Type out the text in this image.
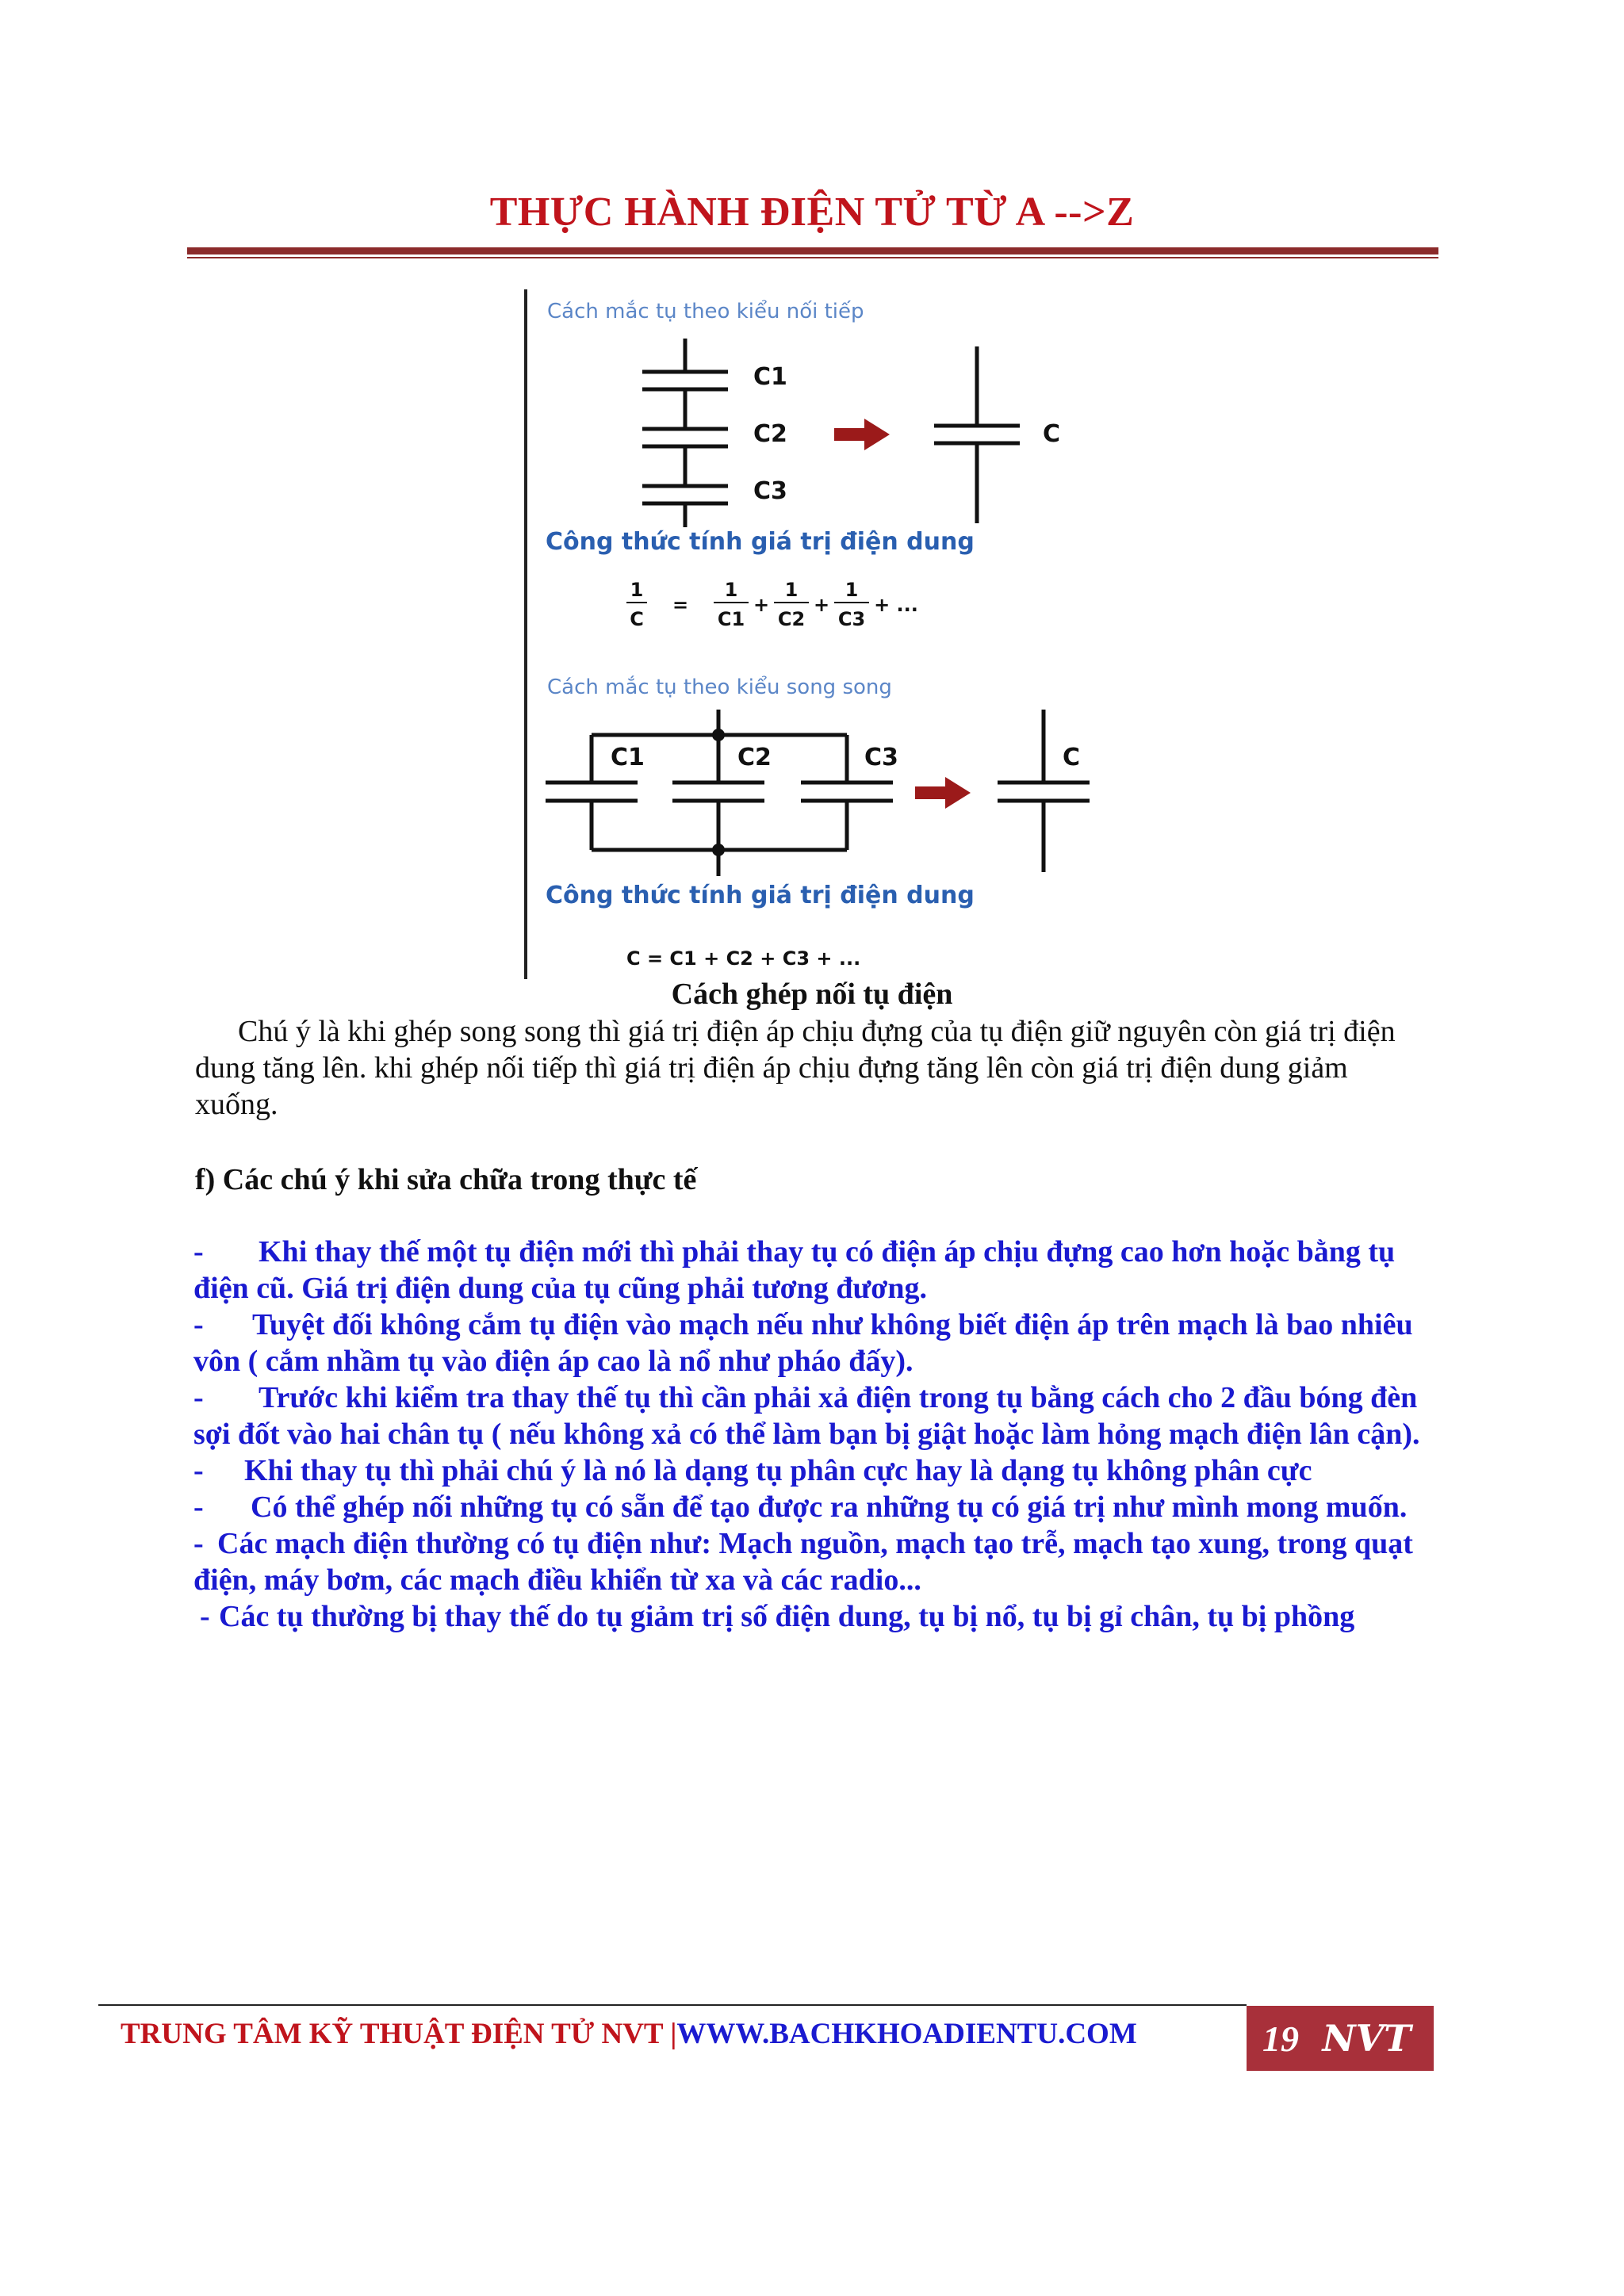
THỰC HÀNH ĐIỆN TỬ TỪ A -->Z
Cách mắc tụ theo kiểu nối tiếp
C1
C2
C3
C
Công thức tính giá trị điện dung
1
C
=
1
C1
+
1
C2
+
1
C3
+ ...
Cách mắc tụ theo kiểu song song
C1	C2	C3	C
Công thức tính giá trị điện dung
C = C1 + C2 + C3 + ...
Cách ghép nối tụ điện
Chú ý là khi ghép song song thì giá trị điện áp chịu đựng của tụ điện giữ nguyên còn giá trị điện dung tăng lên. khi ghép nối tiếp thì giá trị điện áp chịu đựng tăng lên còn giá trị điện dung giảm xuống.
f) Các chú ý khi sửa chữa trong thực tế
- Khi thay thế một tụ điện mới thì phải thay tụ có điện áp chịu đựng cao hơn hoặc bằng tụ điện cũ. Giá trị điện dung của tụ cũng phải tương đương.
- Tuyệt đối không cắm tụ điện vào mạch nếu như không biết điện áp trên mạch là bao nhiêu vôn ( cắm nhầm tụ vào điện áp cao là nổ như pháo đấy).
- Trước khi kiểm tra thay thế tụ thì cần phải xả điện trong tụ bằng cách cho 2 đầu bóng đèn sợi đốt vào hai chân tụ ( nếu không xả có thể làm bạn bị giật hoặc làm hỏng mạch điện lân cận).
- Khi thay tụ thì phải chú ý là nó là dạng tụ phân cực hay là dạng tụ không phân cực
- Có thể ghép nối những tụ có sẵn để tạo được ra những tụ có giá trị như mình mong muốn.
- Các mạch điện thường có tụ điện như: Mạch nguồn, mạch tạo trễ, mạch tạo xung, trong quạt điện, máy bơm, các mạch điều khiển từ xa và các radio...
- Các tụ thường bị thay thế do tụ giảm trị số điện dung, tụ bị nổ, tụ bị gỉ chân, tụ bị phồng
TRUNG TÂM KỸ THUẬT ĐIỆN TỬ NVT |WWW.BACHKHOADIENTU.COM	19 NVT
